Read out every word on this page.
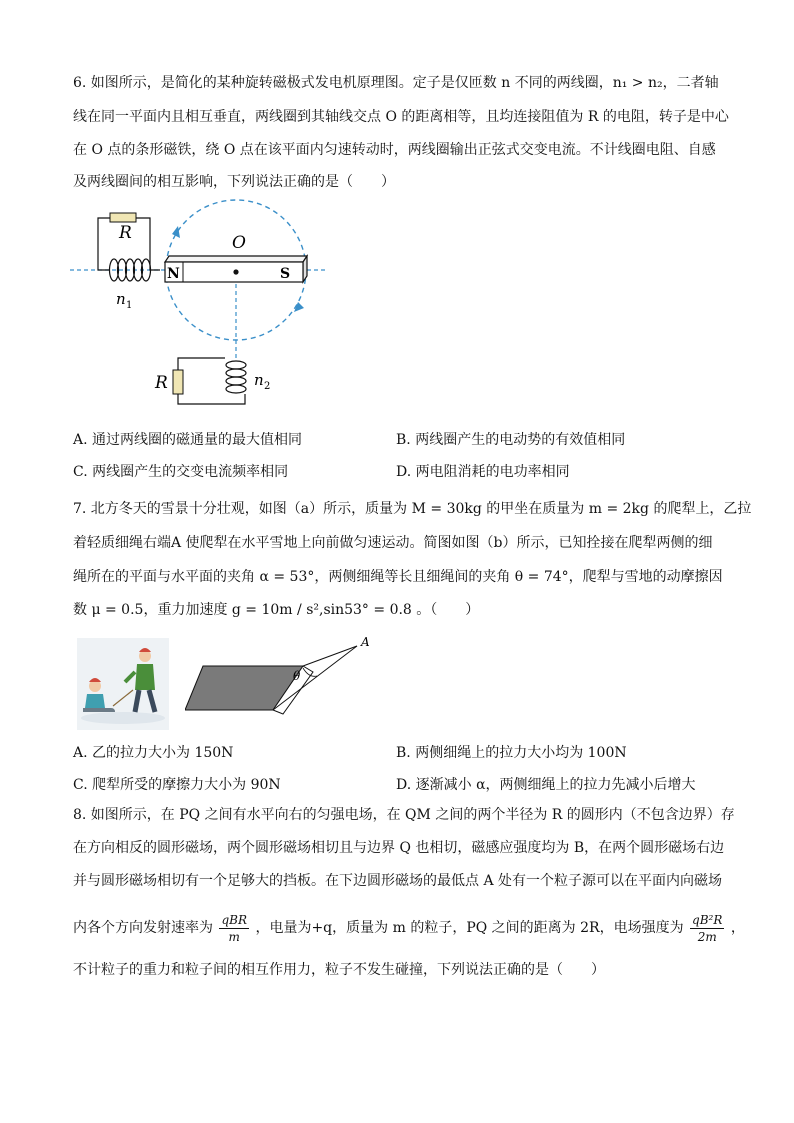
6. 如图所示，是简化的某种旋转磁极式发电机原理图。定子是仅匝数 n 不同的两线圈，n₁ > n₂，二者轴
线在同一平面内且相互垂直，两线圈到其轴线交点 O 的距离相等，且均连接阻值为 R 的电阻，转子是中心
在 O 点的条形磁铁，绕 O 点在该平面内匀速转动时，两线圈输出正弦式交变电流。不计线圈电阻、自感
及两线圈间的相互影响，下列说法正确的是（　　）
R
n 1
N	S
O
R	n 2
A. 通过两线圈的磁通量的最大值相同	B. 两线圈产生的电动势的有效值相同
C. 两线圈产生的交变电流频率相同	D. 两电阻消耗的电功率相同
7. 北方冬天的雪景十分壮观，如图（a）所示，质量为 M = 30kg 的甲坐在质量为 m = 2kg 的爬犁上，乙拉
着轻质细绳右端A 使爬犁在水平雪地上向前做匀速运动。简图如图（b）所示，已知拴接在爬犁两侧的细
绳所在的平面与水平面的夹角 α = 53°，两侧细绳等长且细绳间的夹角 θ = 74°，爬犁与雪地的动摩擦因
数 μ = 0.5，重力加速度 g = 10m / s²,sin53° = 0.8 。（　　）
θ
A
A. 乙的拉力大小为 150N	B. 两侧细绳上的拉力大小均为 100N
C. 爬犁所受的摩擦力大小为 90N	D. 逐渐减小 α，两侧细绳上的拉力先减小后增大
8. 如图所示，在 PQ 之间有水平向右的匀强电场，在 QM 之间的两个半径为 R 的圆形内（不包含边界）存
在方向相反的圆形磁场，两个圆形磁场相切且与边界 Q 也相切，磁感应强度均为 B，在两个圆形磁场右边
并与圆形磁场相切有一个足够大的挡板。在下边圆形磁场的最低点 A 处有一个粒子源可以在平面内向磁场
内各个方向发射速率为 $\frac{\text{qBR}}{m}$ ，电量为+q，质量为 m 的粒子，PQ 之间的距离为 2R，电场强度为 $\frac{\text{qB²R}}{2m}$ ，
不计粒子的重力和粒子间的相互作用力，粒子不发生碰撞，下列说法正确的是（　　）
